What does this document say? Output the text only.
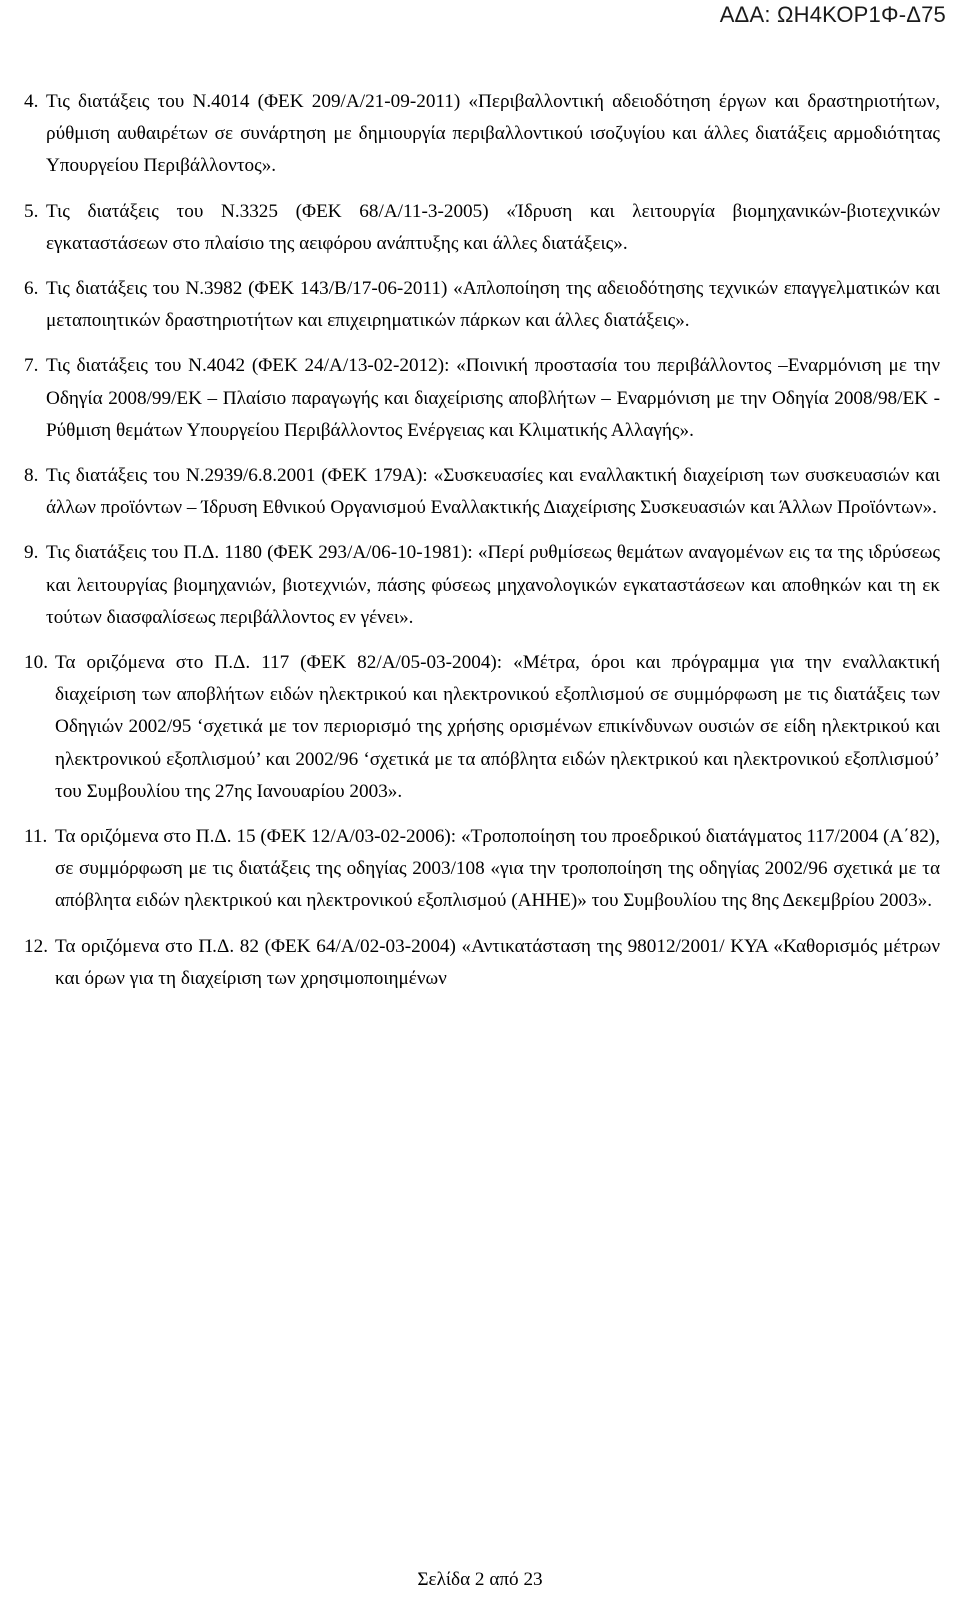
ΑΔΑ: ΩΗ4ΚΟΡ1Φ-Δ75
4. Τις διατάξεις του Ν.4014 (ΦΕΚ 209/Α/21-09-2011) «Περιβαλλοντική αδειοδότηση έργων και δραστηριοτήτων, ρύθμιση αυθαιρέτων σε συνάρτηση με δημιουργία περιβαλλοντικού ισοζυγίου και άλλες διατάξεις αρμοδιότητας Υπουργείου Περιβάλλοντος».
5. Τις διατάξεις του Ν.3325 (ΦΕΚ 68/Α/11-3-2005) «Ίδρυση και λειτουργία βιομηχανικών-βιοτεχνικών εγκαταστάσεων στο πλαίσιο της αειφόρου ανάπτυξης και άλλες διατάξεις».
6. Τις διατάξεις του Ν.3982 (ΦΕΚ 143/Β/17-06-2011) «Απλοποίηση της αδειοδότησης τεχνικών επαγγελματικών και μεταποιητικών δραστηριοτήτων και επιχειρηματικών πάρκων και άλλες διατάξεις».
7. Τις διατάξεις του Ν.4042 (ΦΕΚ 24/Α/13-02-2012): «Ποινική προστασία του περιβάλλοντος –Εναρμόνιση με την Οδηγία 2008/99/ΕΚ – Πλαίσιο παραγωγής και διαχείρισης αποβλήτων – Εναρμόνιση με την Οδηγία 2008/98/ΕΚ - Ρύθμιση θεμάτων Υπουργείου Περιβάλλοντος Ενέργειας και Κλιματικής Αλλαγής».
8. Τις διατάξεις του Ν.2939/6.8.2001 (ΦΕΚ 179Α): «Συσκευασίες και εναλλακτική διαχείριση των συσκευασιών και άλλων προϊόντων – Ίδρυση Εθνικού Οργανισμού Εναλλακτικής Διαχείρισης Συσκευασιών και Άλλων Προϊόντων».
9. Τις διατάξεις του Π.Δ. 1180 (ΦΕΚ 293/Α/06-10-1981): «Περί ρυθμίσεως θεμάτων αναγομένων εις τα της ιδρύσεως και λειτουργίας βιομηχανιών, βιοτεχνιών, πάσης φύσεως μηχανολογικών εγκαταστάσεων και αποθηκών και τη εκ τούτων διασφαλίσεως περιβάλλοντος εν γένει».
10. Τα οριζόμενα στο Π.Δ. 117 (ΦΕΚ 82/Α/05-03-2004): «Μέτρα, όροι και πρόγραμμα για την εναλλακτική διαχείριση των αποβλήτων ειδών ηλεκτρικού και ηλεκτρονικού εξοπλισμού σε συμμόρφωση με τις διατάξεις των Οδηγιών 2002/95 ‘σχετικά με τον περιορισμό της χρήσης ορισμένων επικίνδυνων ουσιών σε είδη ηλεκτρικού και ηλεκτρονικού εξοπλισμού’ και 2002/96 ‘σχετικά με τα απόβλητα ειδών ηλεκτρικού και ηλεκτρονικού εξοπλισμού’ του Συμβουλίου της 27ης Ιανουαρίου 2003».
11. Τα οριζόμενα στο Π.Δ. 15 (ΦΕΚ 12/Α/03-02-2006): «Τροποποίηση του προεδρικού διατάγματος 117/2004 (Α΄82), σε συμμόρφωση με τις διατάξεις της οδηγίας 2003/108 «για την τροποποίηση της οδηγίας 2002/96 σχετικά με τα απόβλητα ειδών ηλεκτρικού και ηλεκτρονικού εξοπλισμού (ΑΗΗΕ)» του Συμβουλίου της 8ης Δεκεμβρίου 2003».
12. Τα οριζόμενα στο Π.Δ. 82 (ΦΕΚ 64/Α/02-03-2004) «Αντικατάσταση της 98012/2001/ ΚΥΑ «Καθορισμός μέτρων και όρων για τη διαχείριση των χρησιμοποιημένων
Σελίδα 2 από 23
